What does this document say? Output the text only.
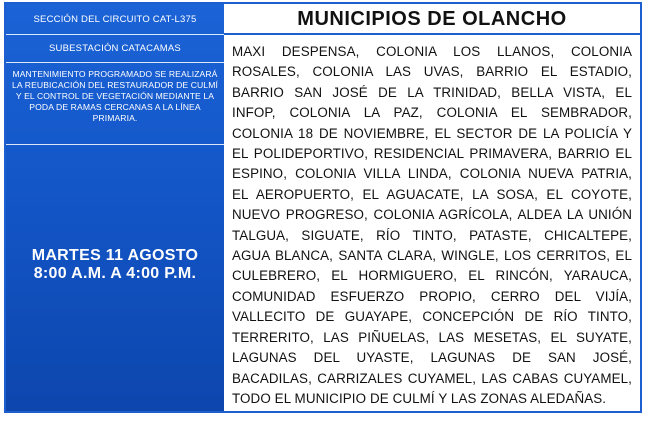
SECCIÓN DEL CIRCUITO CAT-L375
SUBESTACIÓN CATACAMAS
MANTENIMIENTO PROGRAMADO SE REALIZARÁ LA REUBICACIÓN DEL RESTAURADOR DE CULMÍ Y EL CONTROL DE VEGETACIÓN MEDIANTE LA PODA DE RAMAS CERCANAS A LA LÍNEA PRIMARIA.
MARTES 11 AGOSTO
8:00 A.M. A 4:00 P.M.
MUNICIPIOS DE OLANCHO
MAXI DESPENSA, COLONIA LOS LLANOS, COLONIA
ROSALES, COLONIA LAS UVAS, BARRIO EL ESTADIO,
BARRIO SAN JOSÉ DE LA TRINIDAD, BELLA VISTA, EL
INFOP, COLONIA LA PAZ, COLONIA EL SEMBRADOR,
COLONIA 18 DE NOVIEMBRE, EL SECTOR DE LA POLICÍA Y
EL POLIDEPORTIVO, RESIDENCIAL PRIMAVERA, BARRIO EL
ESPINO, COLONIA VILLA LINDA, COLONIA NUEVA PATRIA,
EL AEROPUERTO, EL AGUACATE, LA SOSA, EL COYOTE,
NUEVO PROGRESO, COLONIA AGRÍCOLA, ALDEA LA UNIÓN
TALGUA, SIGUATE, RÍO TINTO, PATASTE, CHICALTEPE,
AGUA BLANCA, SANTA CLARA, WINGLE, LOS CERRITOS, EL
CULEBRERO, EL HORMIGUERO, EL RINCÓN, YARAUCA,
COMUNIDAD ESFUERZO PROPIO, CERRO DEL VIJÍA,
VALLECITO DE GUAYAPE, CONCEPCIÓN DE RÍO TINTO,
TERRERITO, LAS PIÑUELAS, LAS MESETAS, EL SUYATE,
LAGUNAS DEL UYASTE, LAGUNAS DE SAN JOSÉ,
BACADILAS, CARRIZALES CUYAMEL, LAS CABAS CUYAMEL,
TODO EL MUNICIPIO DE CULMÍ Y LAS ZONAS ALEDAÑAS.
